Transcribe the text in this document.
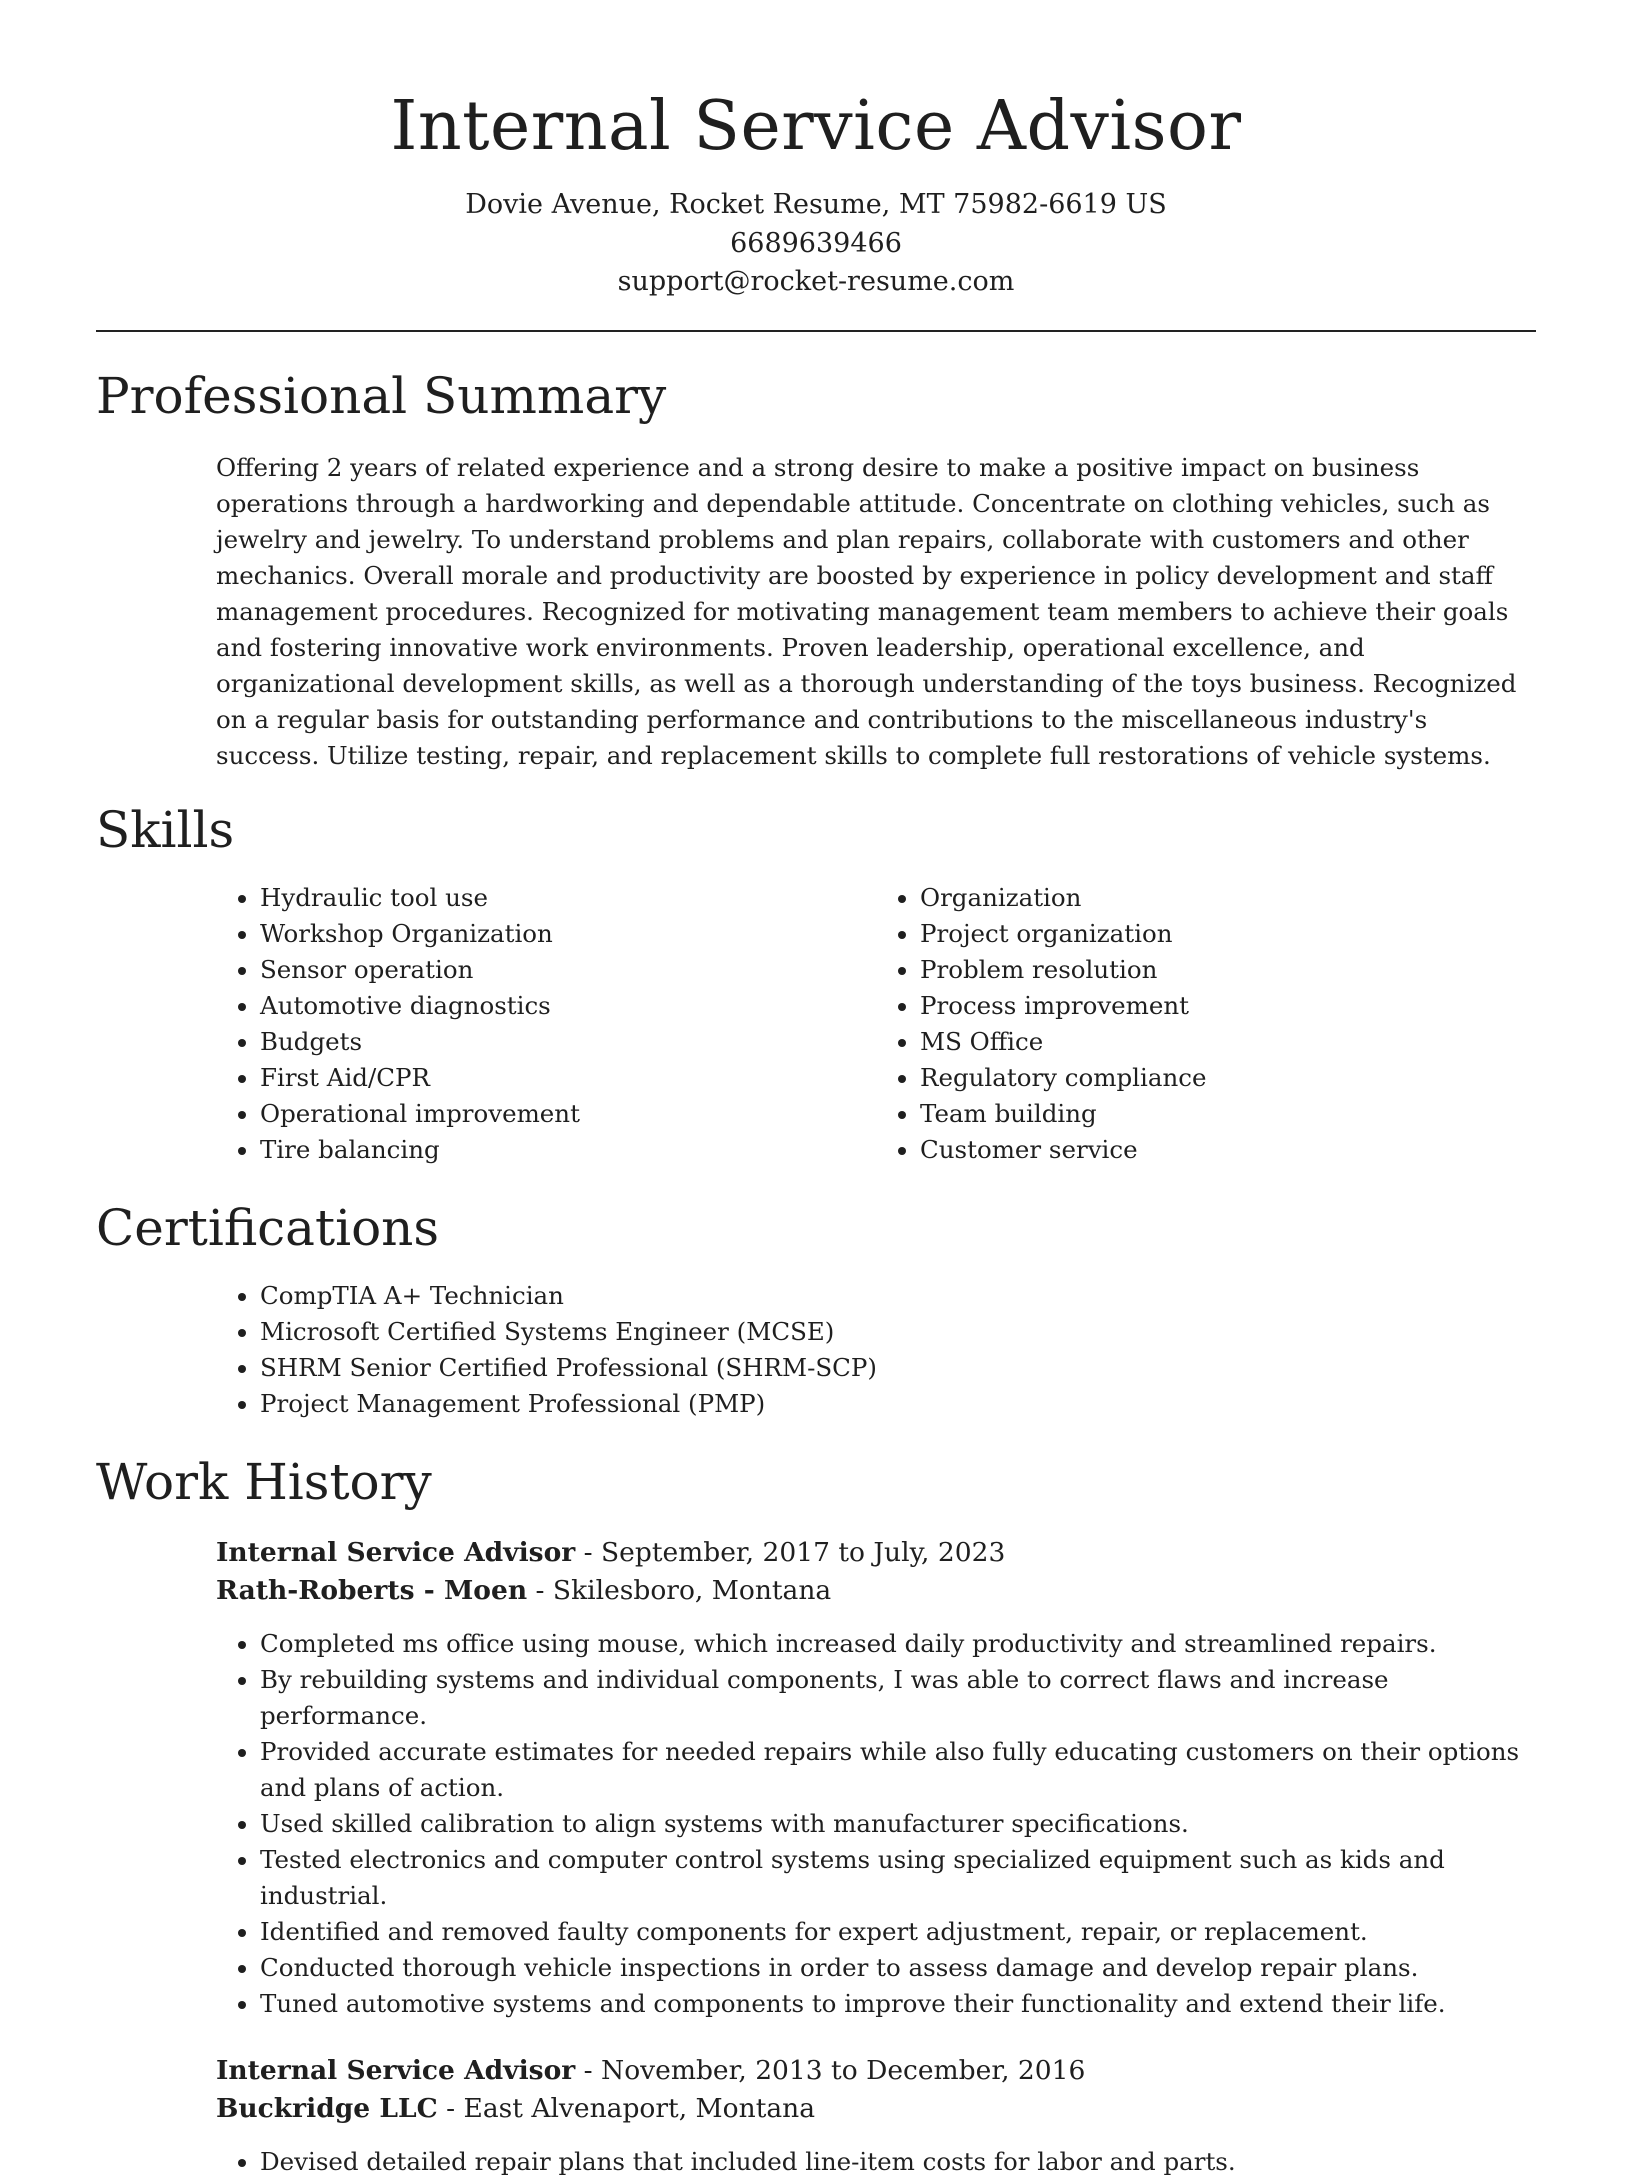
Internal Service Advisor
Dovie Avenue, Rocket Resume, MT 75982-6619 US
6689639466
support@rocket-resume.com
Professional Summary
Offering 2 years of related experience and a strong desire to make a positive impact on business operations through a hardworking and dependable attitude. Concentrate on clothing vehicles, such as jewelry and jewelry. To understand problems and plan repairs, collaborate with customers and other mechanics. Overall morale and productivity are boosted by experience in policy development and staff management procedures. Recognized for motivating management team members to achieve their goals and fostering innovative work environments. Proven leadership, operational excellence, and organizational development skills, as well as a thorough understanding of the toys business. Recognized on a regular basis for outstanding performance and contributions to the miscellaneous industry's success. Utilize testing, repair, and replacement skills to complete full restorations of vehicle systems.
Skills
• Hydraulic tool use
• Workshop Organization
• Sensor operation
• Automotive diagnostics
• Budgets
• First Aid/CPR
• Operational improvement
• Tire balancing
• Organization
• Project organization
• Problem resolution
• Process improvement
• MS Office
• Regulatory compliance
• Team building
• Customer service
Certifications
• CompTIA A+ Technician
• Microsoft Certified Systems Engineer (MCSE)
• SHRM Senior Certified Professional (SHRM-SCP)
• Project Management Professional (PMP)
Work History
Internal Service Advisor - September, 2017 to July, 2023
Rath-Roberts - Moen - Skilesboro, Montana
• Completed ms office using mouse, which increased daily productivity and streamlined repairs.
• By rebuilding systems and individual components, I was able to correct flaws and increase performance.
• Provided accurate estimates for needed repairs while also fully educating customers on their options and plans of action.
• Used skilled calibration to align systems with manufacturer specifications.
• Tested electronics and computer control systems using specialized equipment such as kids and industrial.
• Identified and removed faulty components for expert adjustment, repair, or replacement.
• Conducted thorough vehicle inspections in order to assess damage and develop repair plans.
• Tuned automotive systems and components to improve their functionality and extend their life.
Internal Service Advisor - November, 2013 to December, 2016
Buckridge LLC - East Alvenaport, Montana
• Devised detailed repair plans that included line-item costs for labor and parts.
